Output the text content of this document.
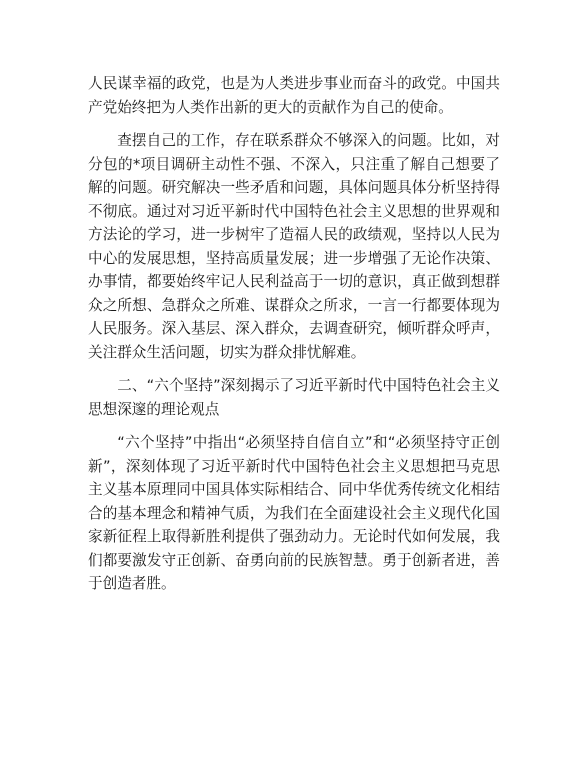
人民谋幸福的政党，也是为人类进步事业而奋斗的政党。中国共产党始终把为人类作出新的更大的贡献作为自己的使命。

查摆自己的工作，存在联系群众不够深入的问题。比如，对分包的*项目调研主动性不强、不深入，只注重了解自己想要了解的问题。研究解决一些矛盾和问题，具体问题具体分析坚持得不彻底。通过对习近平新时代中国特色社会主义思想的世界观和方法论的学习，进一步树牢了造福人民的政绩观，坚持以人民为中心的发展思想，坚持高质量发展；进一步增强了无论作决策、办事情，都要始终牢记人民利益高于一切的意识，真正做到想群众之所想、急群众之所难、谋群众之所求，一言一行都要体现为人民服务。深入基层、深入群众，去调查研究，倾听群众呼声，关注群众生活问题，切实为群众排忧解难。

二、“六个坚持”深刻揭示了习近平新时代中国特色社会主义思想深邃的理论观点

“六个坚持”中指出“必须坚持自信自立”和“必须坚持守正创新”，深刻体现了习近平新时代中国特色社会主义思想把马克思主义基本原理同中国具体实际相结合、同中华优秀传统文化相结合的基本理念和精神气质，为我们在全面建设社会主义现代化国家新征程上取得新胜利提供了强劲动力。无论时代如何发展，我们都要激发守正创新、奋勇向前的民族智慧。勇于创新者进，善于创造者胜。
